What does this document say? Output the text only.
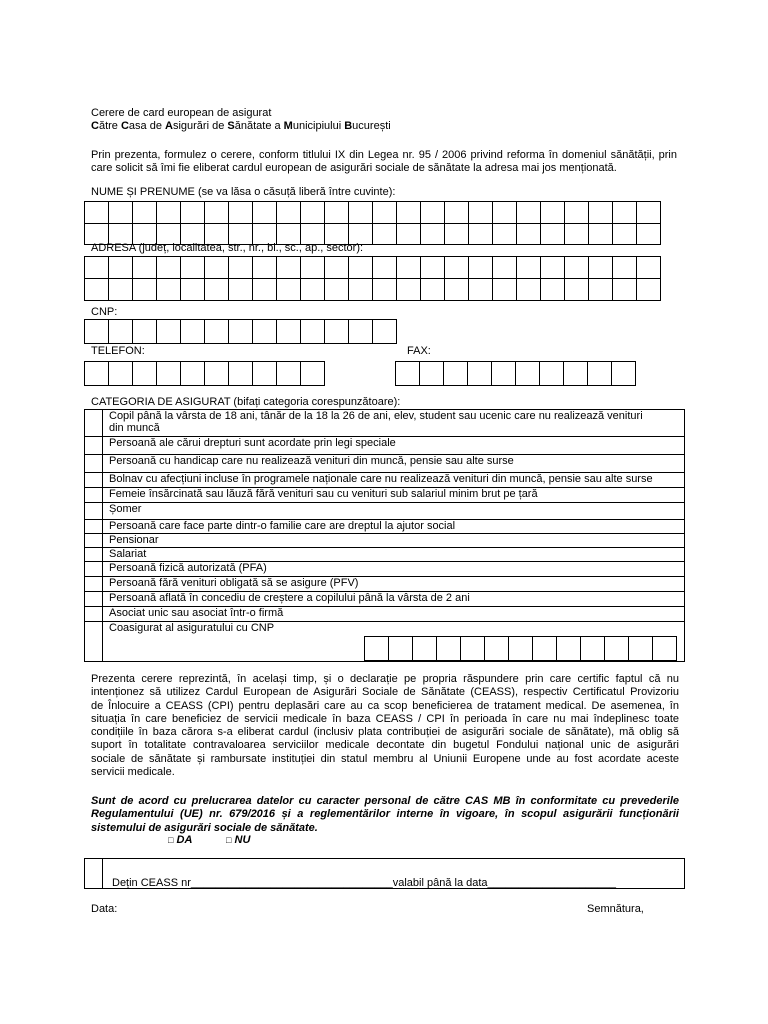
Cerere de card european de asigurat
Către Casa de Asigurări de Sănătate a Municipiului București
Prin prezenta, formulez o cerere, conform titlului IX din Legea nr. 95 / 2006 privind reforma în domeniul sănătății, prin
care solicit să îmi fie eliberat cardul european de asigurări sociale de sănătate la adresa mai jos menționată.
NUME ȘI PRENUME (se va lăsa o căsuță liberă între cuvinte):
ADRESA (județ, localitatea, str., nr., bl., sc., ap., sector):
CNP:
TELEFON:	FAX:
CATEGORIA DE ASIGURAT (bifați categoria corespunzătoare):

	Copil până la vârsta de 18 ani, tânăr de la 18 la 26 de ani, elev, student sau ucenic care nu realizează venituri
din muncă

	Persoană ale cărui drepturi sunt acordate prin legi speciale

	Persoană cu handicap care nu realizează venituri din muncă, pensie sau alte surse

	Bolnav cu afecțiuni incluse în programele naționale care nu realizează venituri din muncă, pensie sau alte surse

	Femeie însărcinată sau lăuză fără venituri sau cu venituri sub salariul minim brut pe țară

	Șomer

	Persoană care face parte dintr-o familie care are dreptul la ajutor social

	Pensionar

	Salariat

	Persoană fizică autorizată (PFA)

	Persoană fără venituri obligată să se asigure (PFV)

	Persoană aflată în concediu de creștere a copilului până la vârsta de 2 ani

	Asociat unic sau asociat într-o firmă

	Coasigurat al asiguratului cu CNP
Prezenta cerere reprezintă, în același timp, și o declarație pe propria răspundere prin care certific faptul că nu
intenționez să utilizez Cardul European de Asigurări Sociale de Sănătate (CEASS), respectiv Certificatul Provizoriu
de Înlocuire a CEASS (CPI) pentru deplasări care au ca scop beneficierea de tratament medical. De asemenea, în
situația în care beneficiez de servicii medicale în baza CEASS / CPI în perioada în care nu mai îndeplinesc toate
condițiile în baza cărora s-a eliberat cardul (inclusiv plata contribuției de asigurări sociale de sănătate), mă oblig să
suport în totalitate contravaloarea serviciilor medicale decontate din bugetul Fondului național unic de asigurări
sociale de sănătate și rambursate instituției din statul membru al Uniunii Europene unde au fost acordate aceste
servicii medicale.
Sunt de acord cu prelucrarea datelor cu caracter personal de către CAS MB în conformitate cu prevederile
Regulamentului (UE) nr. 679/2016 și a reglementărilor interne în vigoare, în scopul asigurării funcționării
sistemului de asigurări sociale de sănătate.
□ DA	□ NU
Dețin CEASS nr_________________________________valabil până la data_____________________
Data:	Semnătura,
